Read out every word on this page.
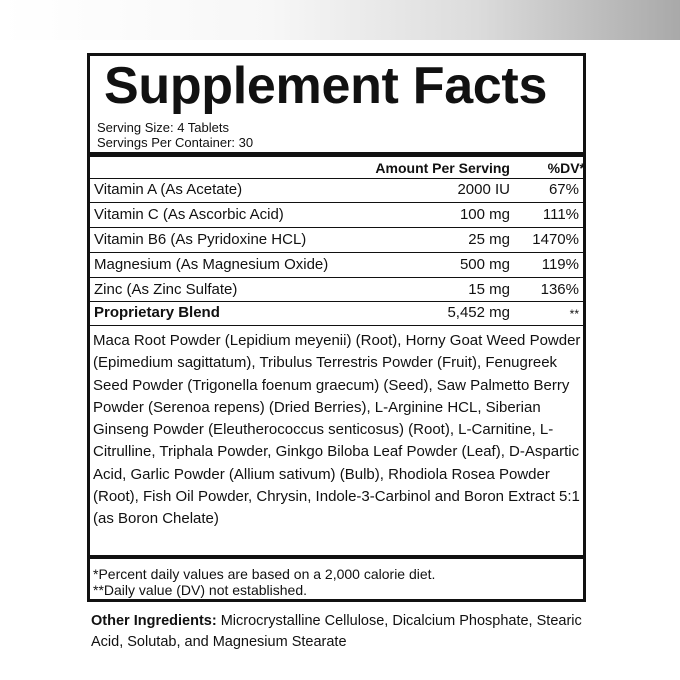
Supplement Facts
Serving Size: 4 Tablets
Servings Per Container: 30
Amount Per Serving	%DV*
Vitamin A (As Acetate)	2000 IU	67%
Vitamin C (As Ascorbic Acid)	100 mg 111%
Vitamin B6 (As Pyridoxine HCL)	25 mg 1470%
Magnesium (As Magnesium Oxide)	500 mg 119%
Zinc (As Zinc Sulfate)	15 mg 136%
Proprietary Blend	5,452 mg	**
Maca Root Powder (Lepidium meyenii) (Root), Horny Goat Weed Powder (Epimedium sagittatum), Tribulus Terrestris Powder (Fruit), Fenugreek Seed Powder (Trigonella foenum graecum) (Seed), Saw Palmetto Berry Powder (Serenoa repens) (Dried Berries), L-Arginine HCL, Siberian Ginseng Powder (Eleutherococcus senticosus) (Root), L-Carnitine, L-Citrulline, Triphala Powder, Ginkgo Biloba Leaf Powder (Leaf), D-Aspartic Acid, Garlic Powder (Allium sativum) (Bulb), Rhodiola Rosea Powder (Root), Fish Oil Powder, Chrysin, Indole-3-Carbinol and Boron Extract 5:1 (as Boron Chelate)
*Percent daily values are based on a 2,000 calorie diet.
**Daily value (DV) not established.
Other Ingredients: Microcrystalline Cellulose, Dicalcium Phosphate, Stearic Acid, Solutab, and Magnesium Stearate
